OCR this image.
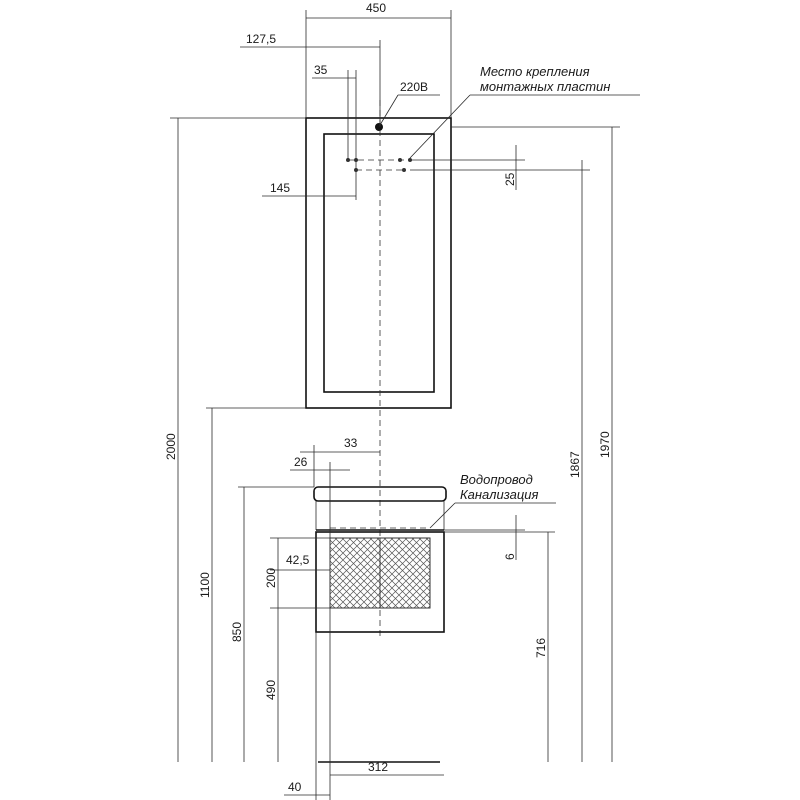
450
127,5
35
220В
145
25
33
26
42,5
200
6
2000
1100
850
490
716
1867
1970
312
40
Место крепления
монтажных пластин
Водопровод
Канализация
